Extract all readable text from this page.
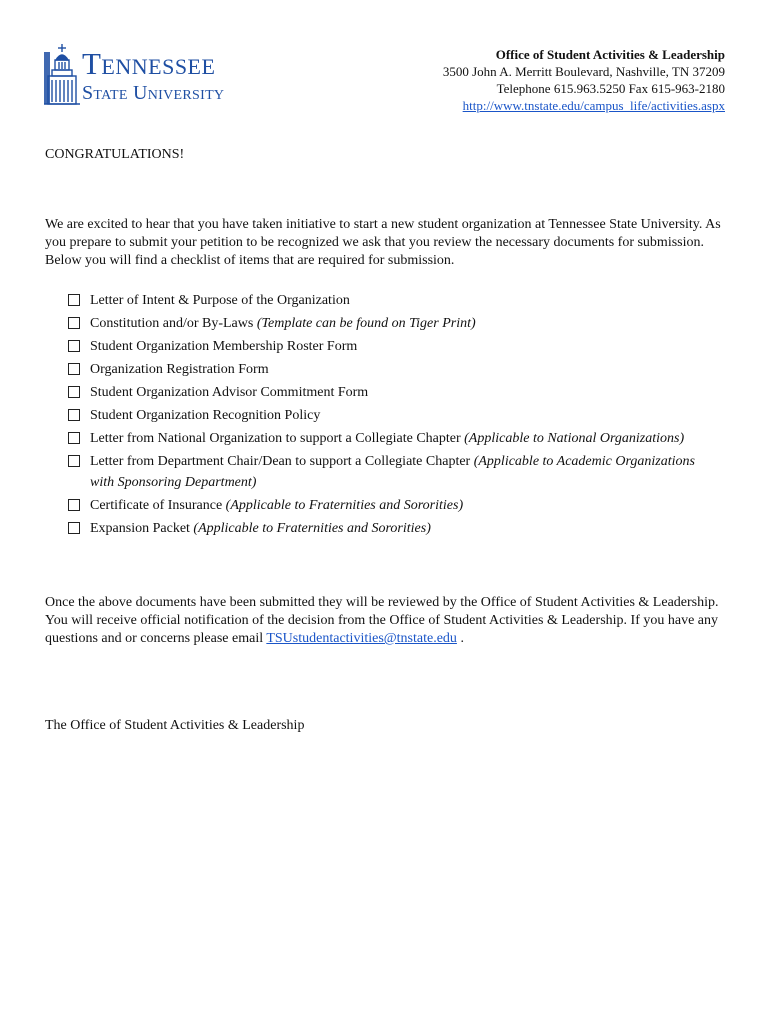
Tennessee
State University
Office of Student Activities & Leadership
3500 John A. Merritt Boulevard, Nashville, TN 37209
Telephone 615.963.5250 Fax 615-963-2180
http://www.tnstate.edu/campus_life/activities.aspx
CONGRATULATIONS!
We are excited to hear that you have taken initiative to start a new student organization at Tennessee State University. As you prepare to submit your petition to be recognized we ask that you review the necessary documents for submission. Below you will find a checklist of items that are required for submission.
Letter of Intent & Purpose of the Organization
Constitution and/or By-Laws (Template can be found on Tiger Print)
Student Organization Membership Roster Form
Organization Registration Form
Student Organization Advisor Commitment Form
Student Organization Recognition Policy
Letter from National Organization to support a Collegiate Chapter (Applicable to National Organizations)
Letter from Department Chair/Dean to support a Collegiate Chapter (Applicable to Academic Organizations with Sponsoring Department)
Certificate of Insurance (Applicable to Fraternities and Sororities)
Expansion Packet (Applicable to Fraternities and Sororities)
Once the above documents have been submitted they will be reviewed by the Office of Student Activities & Leadership. You will receive official notification of the decision from the Office of Student Activities & Leadership. If you have any questions and or concerns please email TSUstudentactivities@tnstate.edu .
The Office of Student Activities & Leadership
